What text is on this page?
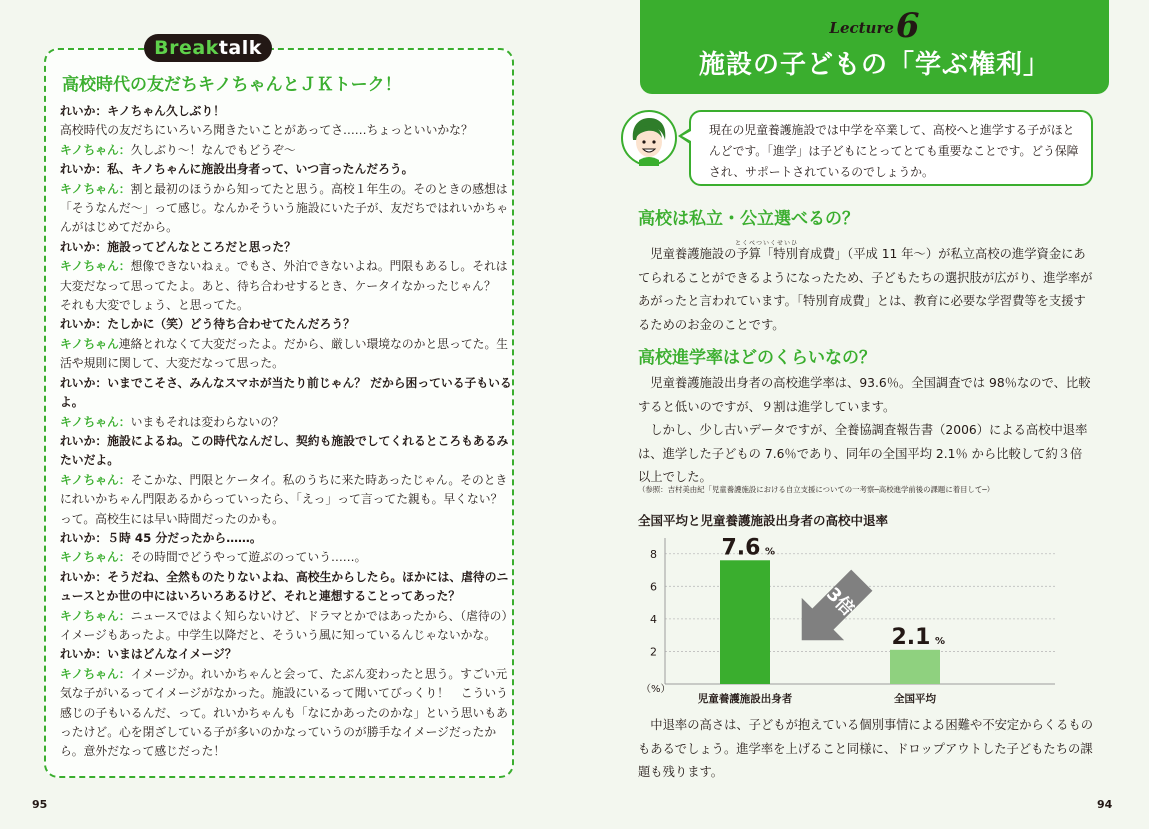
Breaktalk
高校時代の友だちキノちゃんとＪＫトーク！

れいか：キノちゃん久しぶり！

高校時代の友だちにいろいろ聞きたいことがあってさ……ちょっといいかな？

キノちゃん：久しぶり～！なんでもどうぞ～

れいか：私、キノちゃんに施設出身者って、いつ言ったんだろう。

キノちゃん：割と最初のほうから知ってたと思う。高校１年生の。そのときの感想は「そうなんだ～」って感じ。なんかそういう施設にいた子が、友だちではれいかちゃんがはじめてだから。

れいか：施設ってどんなところだと思った？

キノちゃん：想像できないねぇ。でもさ、外泊できないよね。門限もあるし。それは大変だなって思ってたよ。あと、待ち合わせするとき、ケータイなかったじゃん？　それも大変でしょう、と思ってた。

れいか：たしかに（笑）どう待ち合わせてたんだろう？

キノちゃん連絡とれなくて大変だったよ。だから、厳しい環境なのかと思ってた。生活や規則に関して、大変だなって思った。

れいか：いまでこそさ、みんなスマホが当たり前じゃん？ だから困っている子もいるよ。

キノちゃん：いまもそれは変わらないの？

れいか：施設によるね。この時代なんだし、契約も施設でしてくれるところもあるみたいだよ。

キノちゃん：そこかな、門限とケータイ。私のうちに来た時あったじゃん。そのときにれいかちゃん門限あるからっていったら、「えっ」って言ってた親も。早くない？　って。高校生には早い時間だったのかも。

れいか：５時 45 分だったから……。

キノちゃん：その時間でどうやって遊ぶのっていう……。

れいか：そうだね、全然ものたりないよね、高校生からしたら。ほかには、虐待のニュースとか世の中にはいろいろあるけど、それと連想することってあった？

キノちゃん：ニュースではよく知らないけど、ドラマとかではあったから、（虐待の）イメージもあったよ。中学生以降だと、そういう風に知っているんじゃないかな。

れいか：いまはどんなイメージ？

キノちゃん：イメージか。れいかちゃんと会って、たぶん変わったと思う。すごい元気な子がいるってイメージがなかった。施設にいるって聞いてびっくり！　こういう感じの子もいるんだ、って。れいかちゃんも「なにかあったのかな」という思いもあったけど。心を閉ざしている子が多いのかなっていうのが勝手なイメージだったから。意外だなって感じだった！

95
Lecture6
施設の子どもの「学ぶ権利」
現在の児童養護施設では中学を卒業して、高校へと進学する子がほとんどです。「進学」は子どもにとってとても重要なことです。どう保障され、サポートされているのでしょうか。
高校は私立・公立選べるの？
とくべついくせいひ

児童養護施設の予算「特別育成費」（平成 11 年～）が私立高校の進学資金にあてられることができるようになったため、子どもたちの選択肢が広がり、進学率があがったと言われています。「特別育成費」とは、教育に必要な学習費等を支援するためのお金のことです。

高校進学率はどのくらいなの？

児童養護施設出身者の高校進学率は、93.6％。全国調査では 98％なので、比較すると低いのですが、９割は進学しています。

しかし、少し古いデータですが、全養協調査報告書（2006）による高校中退率は、進学した子どもの 7.6％であり、同年の全国平均 2.1％ から比較して約３倍以上でした。

（参照：吉村美由紀「児童養護施設における自立支援についての一考察─高校進学前後の課題に着目して─）
全国平均と児童養護施設出身者の高校中退率
2
4
6
8
（%）
7.6 %
児童養護施設出身者
2.1 %
全国平均
3倍

中退率の高さは、子どもが抱えている個別事情による困難や不安定からくるものもあるでしょう。進学率を上げること同様に、ドロップアウトした子どもたちの課題も残ります。

94
